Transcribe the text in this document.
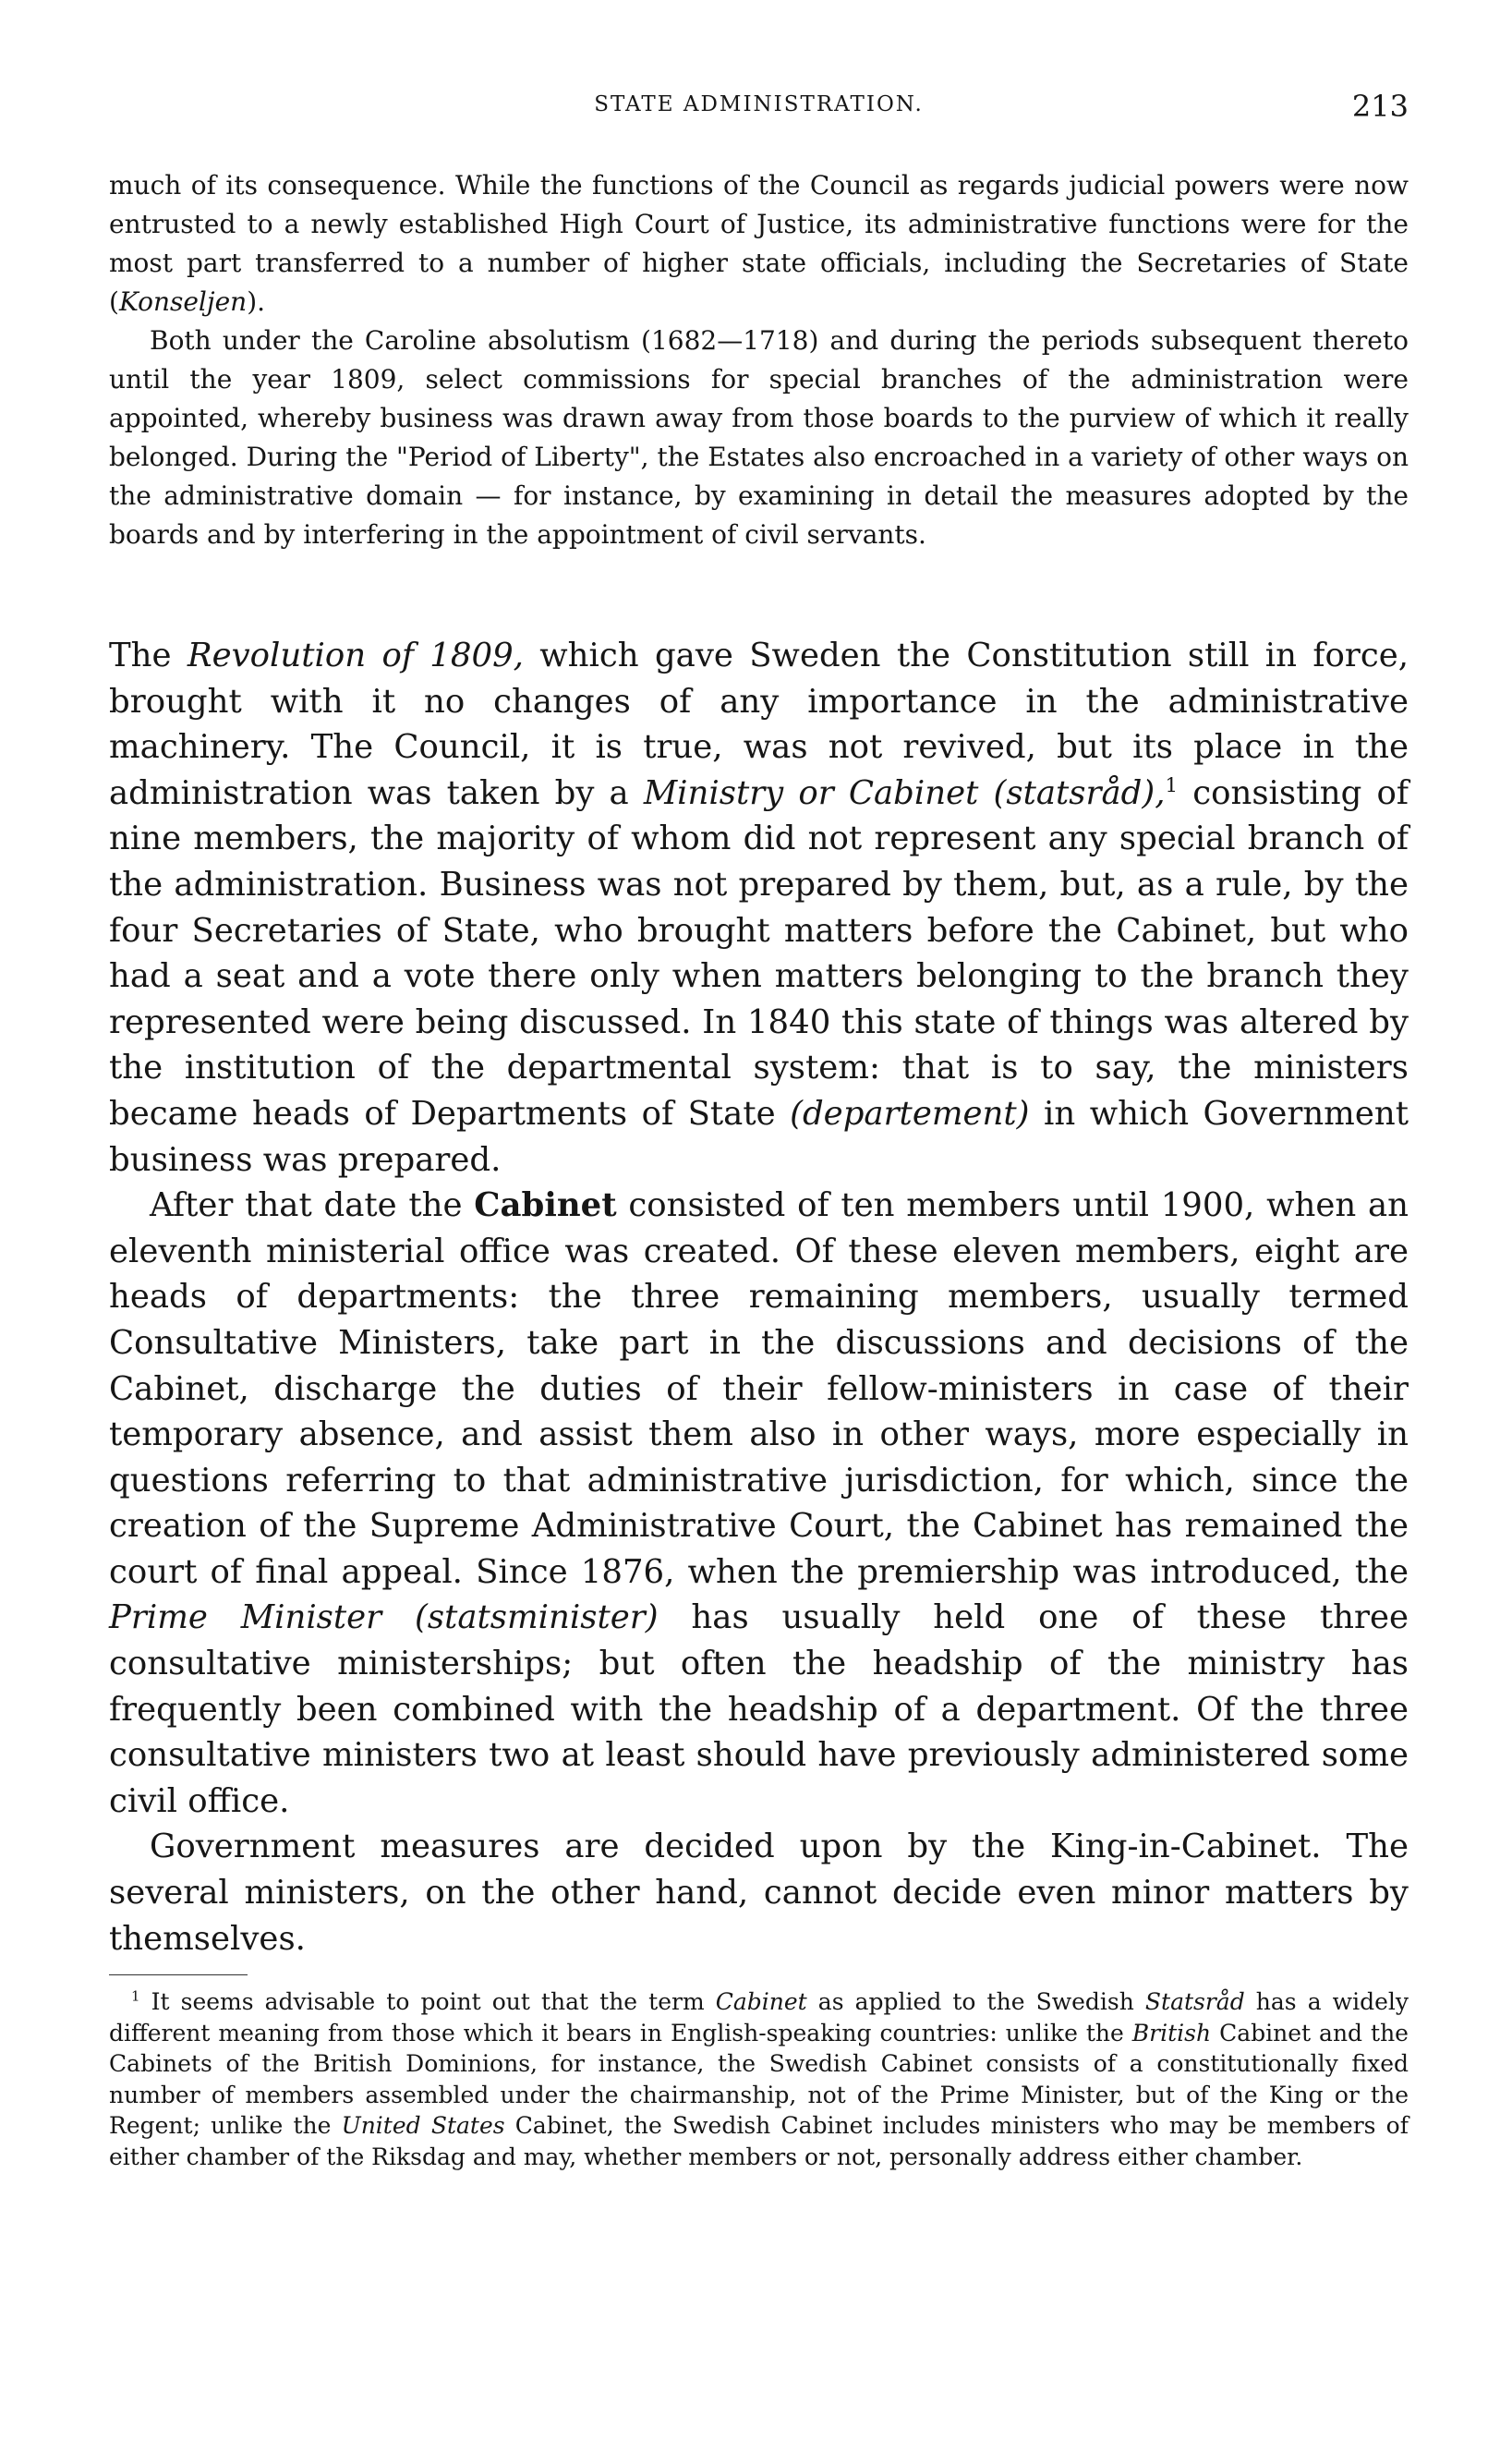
STATE ADMINISTRATION.	213

much of its consequence. While the functions of the Council as regards judicial powers were now entrusted to a newly established High Court of Justice, its administrative functions were for the most part transferred to a number of higher state officials, including the Secretaries of State (Konseljen).

Both under the Caroline absolutism (1682—1718) and during the periods subsequent thereto until the year 1809, select commissions for special branches of the administration were appointed, whereby business was drawn away from those boards to the purview of which it really belonged. During the "Period of Liberty", the Estates also encroached in a variety of other ways on the administrative domain — for instance, by examining in detail the measures adopted by the boards and by interfering in the appointment of civil servants.

The Revolution of 1809, which gave Sweden the Constitution still in force, brought with it no changes of any importance in the administrative machinery. The Council, it is true, was not revived, but its place in the administration was taken by a Ministry or Cabinet (statsråd),$^1$ consisting of nine members, the majority of whom did not represent any special branch of the administration. Business was not prepared by them, but, as a rule, by the four Secretaries of State, who brought matters before the Cabinet, but who had a seat and a vote there only when matters belonging to the branch they represented were being discussed. In 1840 this state of things was altered by the institution of the departmental system: that is to say, the ministers became heads of Departments of State (departement) in which Government business was prepared.

After that date the Cabinet consisted of ten members until 1900, when an eleventh ministerial office was created. Of these eleven members, eight are heads of departments: the three remaining members, usually termed Consultative Ministers, take part in the discussions and decisions of the Cabinet, discharge the duties of their fellow-ministers in case of their temporary absence, and assist them also in other ways, more especially in questions referring to that administrative jurisdiction, for which, since the creation of the Supreme Administrative Court, the Cabinet has remained the court of final appeal. Since 1876, when the premiership was introduced, the Prime Minister (statsminister) has usually held one of these three consultative ministerships; but often the headship of the ministry has frequently been combined with the headship of a department. Of the three consultative ministers two at least should have previously administered some civil office.

Government measures are decided upon by the King-in-Cabinet. The several ministers, on the other hand, cannot decide even minor matters by themselves.

$^1$ It seems advisable to point out that the term Cabinet as applied to the Swedish Statsråd has a widely different meaning from those which it bears in English-speaking countries: unlike the British Cabinet and the Cabinets of the British Dominions, for instance, the Swedish Cabinet consists of a constitutionally fixed number of members assembled under the chairmanship, not of the Prime Minister, but of the King or the Regent; unlike the United States Cabinet, the Swedish Cabinet includes ministers who may be members of either chamber of the Riksdag and may, whether members or not, personally address either chamber.
